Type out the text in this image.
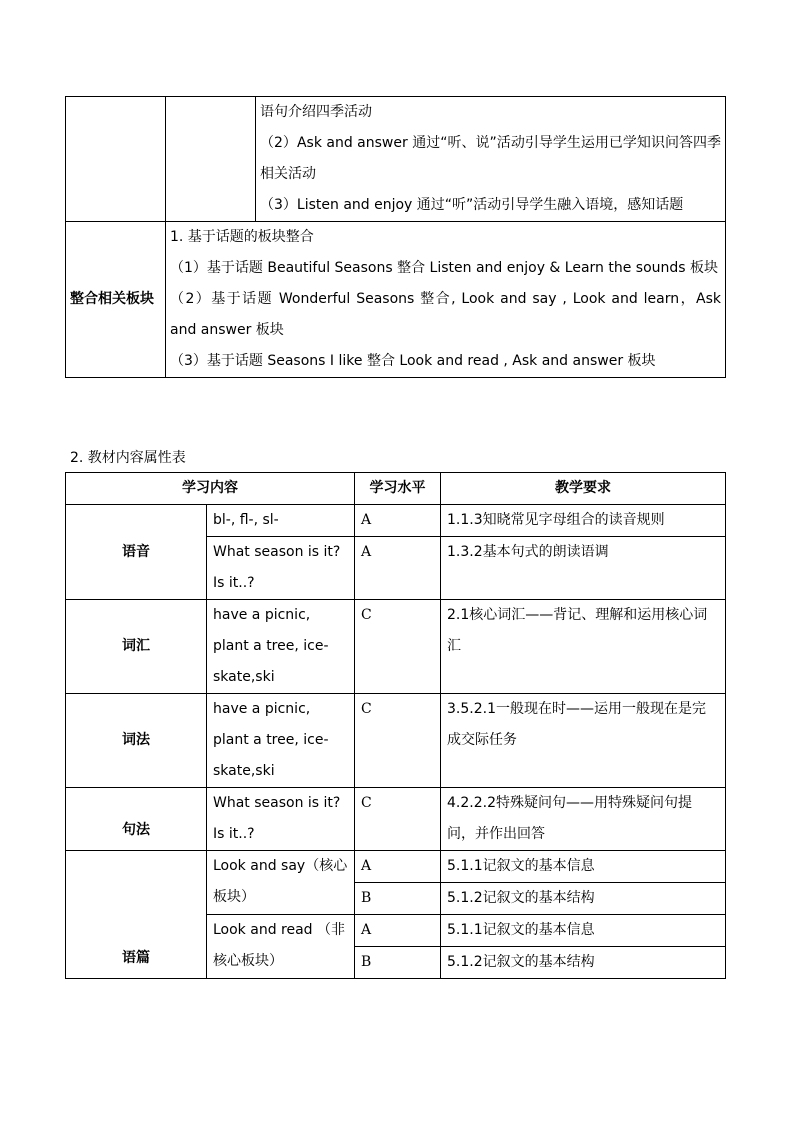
		语句介绍四季活动
（2）Ask and answer 通过“听、说”活动引导学生运用已学知识问答四季相关活动
（3）Listen and enjoy 通过“听”活动引导学生融入语境，感知话题

整合相关板块	1. 基于话题的板块整合
（1）基于话题 Beautiful Seasons 整合 Listen and enjoy & Learn the sounds 板块
（2）基于话题 Wonderful Seasons 整合, Look and say , Look and learn，Ask and answer 板块
（3）基于话题 Seasons I like 整合 Look and read , Ask and answer 板块	
2. 教材内容属性表
学习内容		学习水平	教学要求
语音	bl-, fl-, sl-	A	1.1.3知晓常见字母组合的读音规则
	What season is it? Is it..?	A	1.3.2基本句式的朗读语调
词汇	have a picnic, plant a tree, ice-skate,ski	C	2.1核心词汇——背记、理解和运用核心词汇
词法	have a picnic, plant a tree, ice-skate,ski	C	3.5.2.1一般现在时——运用一般现在是完成交际任务
句法	What season is it? Is it..?	C	4.2.2.2特殊疑问句——用特殊疑问句提问，并作出回答
语篇	Look and say（核心板块）	A	5.1.1记叙文的基本信息
		B	5.1.2记叙文的基本结构
	Look and read （非核心板块）	A	5.1.1记叙文的基本信息
		B	5.1.2记叙文的基本结构
